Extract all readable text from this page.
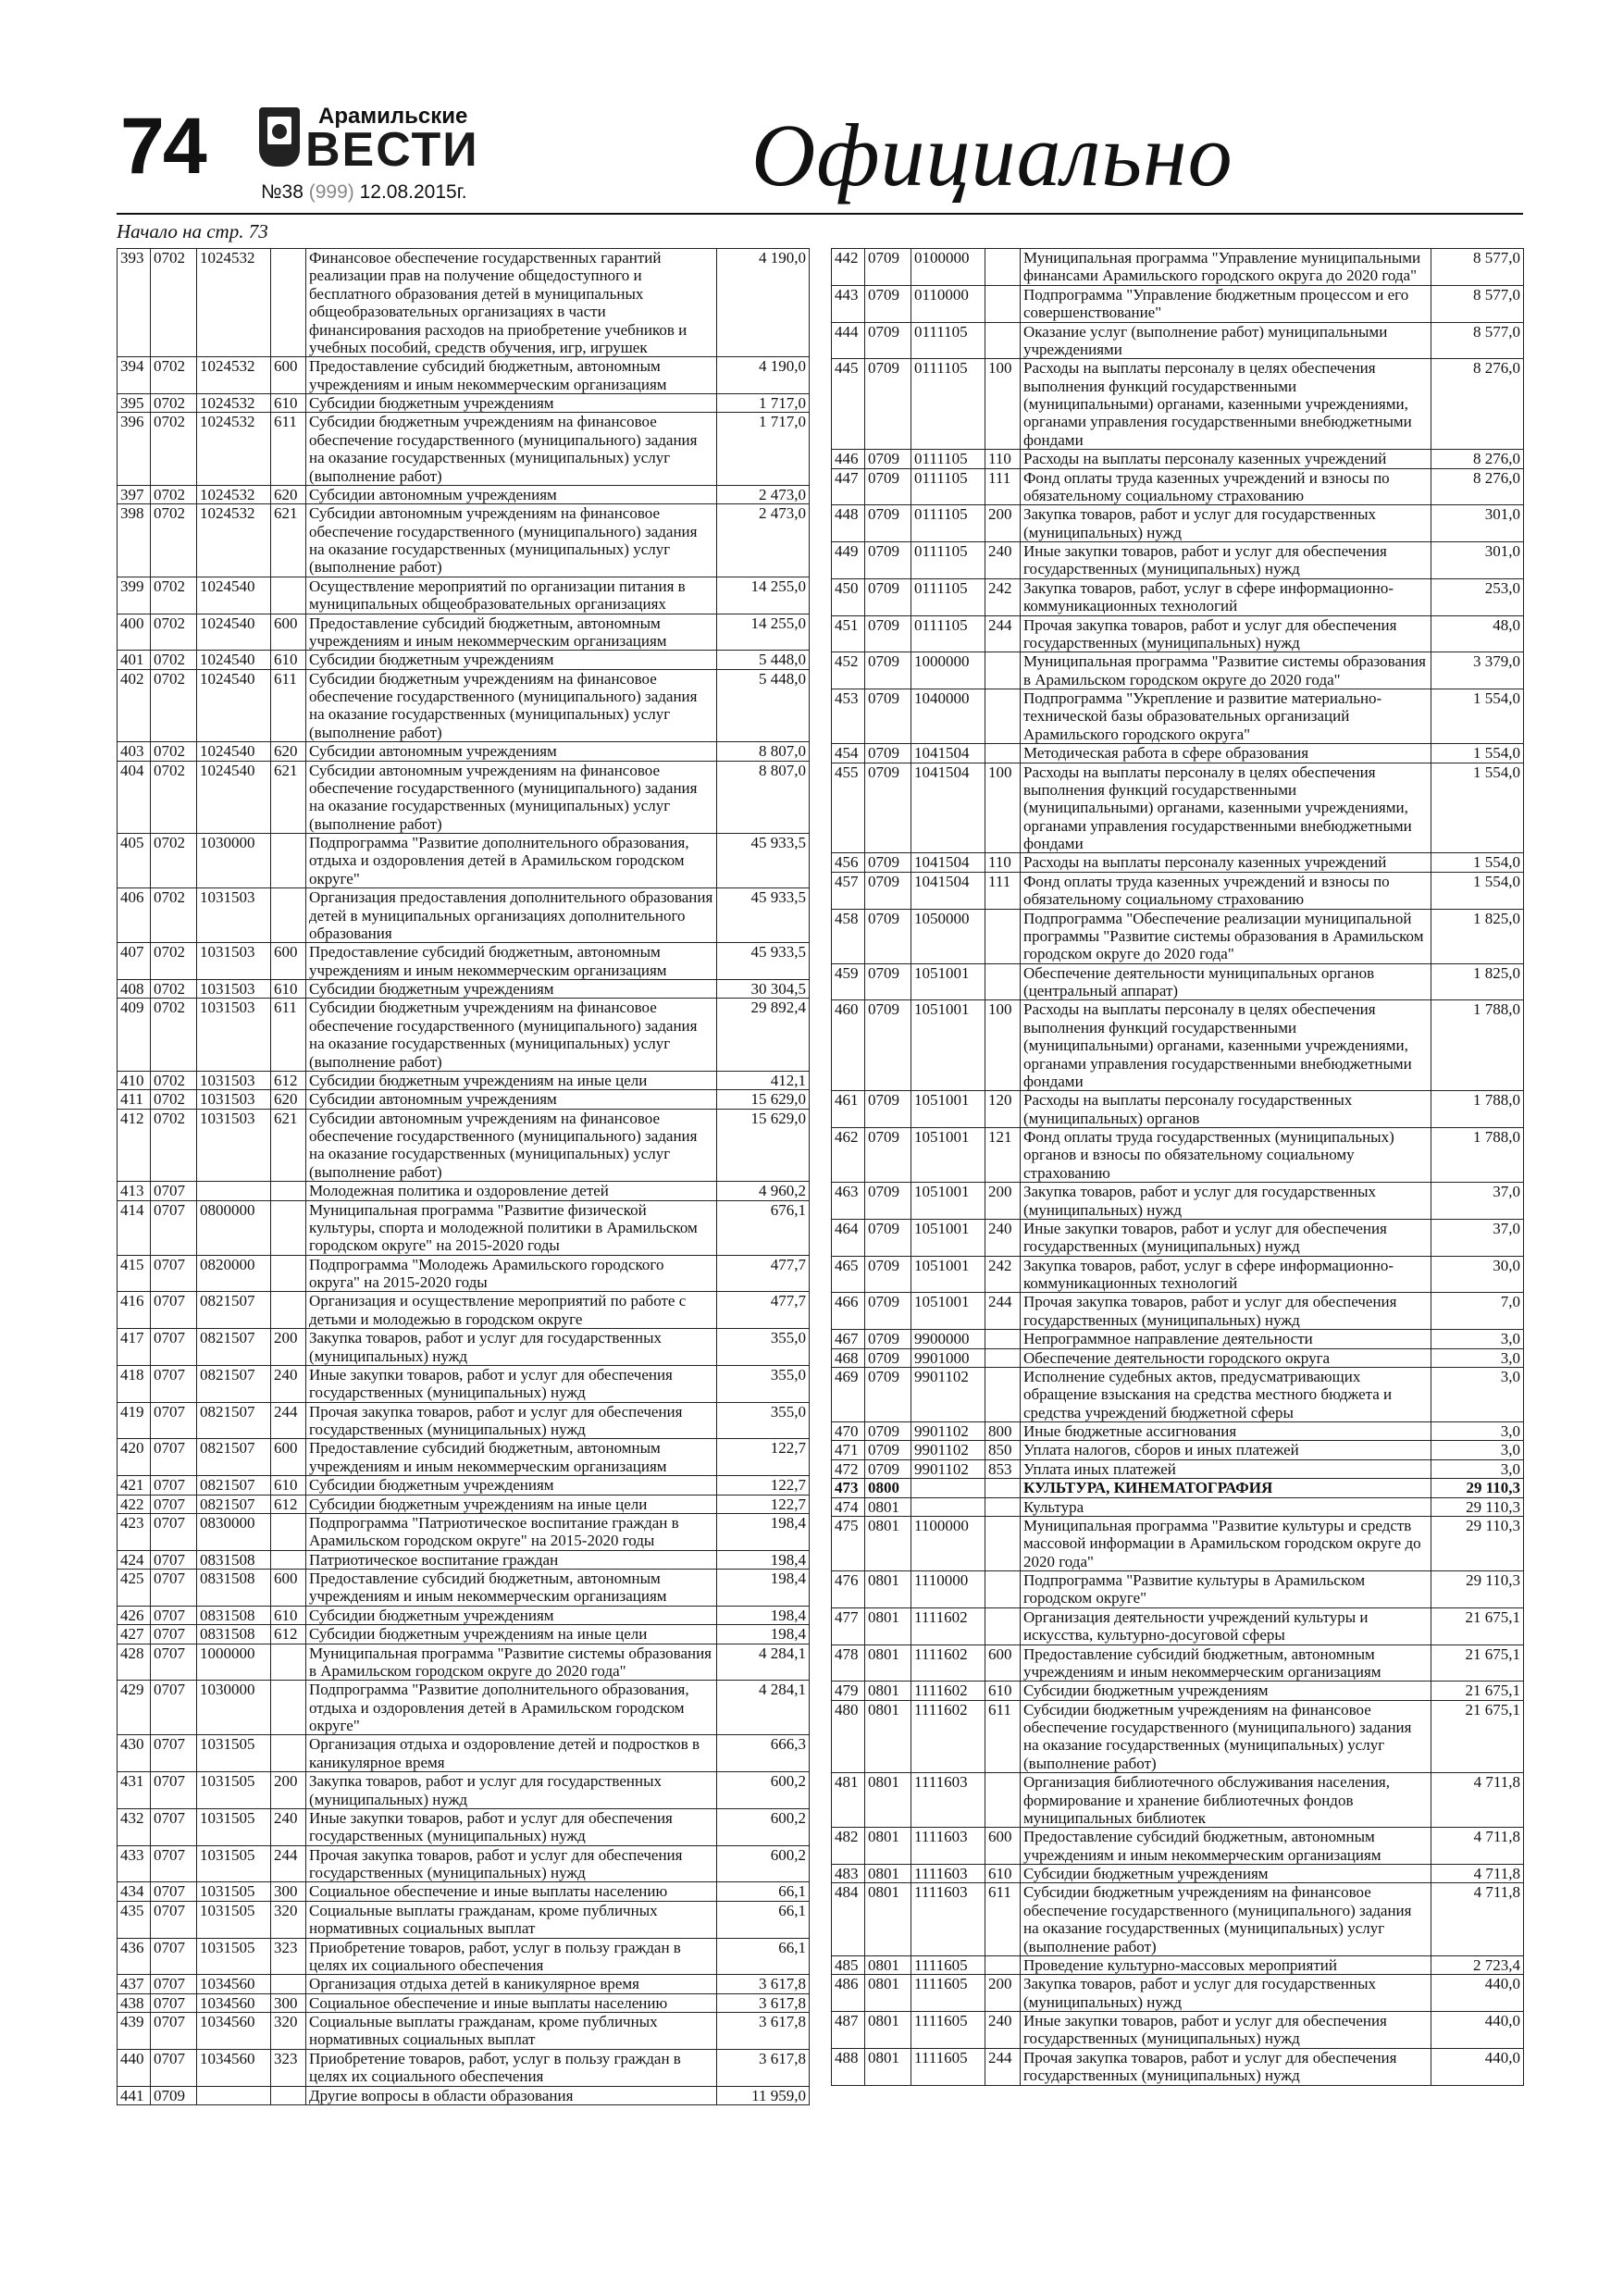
74	Арамильские
ВЕСТИ
№38 (999) 12.08.2015г.	Официально
Начало на стр. 73
393	0702	1024532		Финансовое обеспечение государственных гарантий реализации прав на получение общедоступного и бесплатного образования детей в муниципальных общеобразовательных организациях в части финансирования расходов на приобретение учебников и учебных пособий, средств обучения, игр, игрушек	4 190,0
394	0702	1024532	600	Предоставление субсидий бюджетным, автономным учреждениям и иным некоммерческим организациям	4 190,0
395	0702	1024532	610	Субсидии бюджетным учреждениям	1 717,0
396	0702	1024532	611	Субсидии бюджетным учреждениям на финансовое обеспечение государственного (муниципального) задания на оказание государственных (муниципальных) услуг (выполнение работ)	1 717,0
397	0702	1024532	620	Субсидии автономным учреждениям	2 473,0
398	0702	1024532	621	Субсидии автономным учреждениям на финансовое обеспечение государственного (муниципального) задания на оказание государственных (муниципальных) услуг (выполнение работ)	2 473,0
399	0702	1024540		Осуществление мероприятий по организации питания в муниципальных общеобразовательных организациях	14 255,0
400	0702	1024540	600	Предоставление субсидий бюджетным, автономным учреждениям и иным некоммерческим организациям	14 255,0
401	0702	1024540	610	Субсидии бюджетным учреждениям	5 448,0
402	0702	1024540	611	Субсидии бюджетным учреждениям на финансовое обеспечение государственного (муниципального) задания на оказание государственных (муниципальных) услуг (выполнение работ)	5 448,0
403	0702	1024540	620	Субсидии автономным учреждениям	8 807,0
404	0702	1024540	621	Субсидии автономным учреждениям на финансовое обеспечение государственного (муниципального) задания на оказание государственных (муниципальных) услуг (выполнение работ)	8 807,0
405	0702	1030000		Подпрограмма "Развитие дополнительного образования, отдыха и оздоровления детей в Арамильском городском округе"	45 933,5
406	0702	1031503		Организация предоставления дополнительного образования детей в муниципальных организациях дополнительного образования	45 933,5
407	0702	1031503	600	Предоставление субсидий бюджетным, автономным учреждениям и иным некоммерческим организациям	45 933,5
408	0702	1031503	610	Субсидии бюджетным учреждениям	30 304,5
409	0702	1031503	611	Субсидии бюджетным учреждениям на финансовое обеспечение государственного (муниципального) задания на оказание государственных (муниципальных) услуг (выполнение работ)	29 892,4
410	0702	1031503	612	Субсидии бюджетным учреждениям на иные цели	412,1
411	0702	1031503	620	Субсидии автономным учреждениям	15 629,0
412	0702	1031503	621	Субсидии автономным учреждениям на финансовое обеспечение государственного (муниципального) задания на оказание государственных (муниципальных) услуг (выполнение работ)	15 629,0
413	0707			Молодежная политика и оздоровление детей	4 960,2
414	0707	0800000		Муниципальная программа "Развитие физической культуры, спорта и молодежной политики в Арамильском городском округе" на 2015-2020 годы	676,1
415	0707	0820000		Подпрограмма "Молодежь Арамильского городского округа" на 2015-2020 годы	477,7
416	0707	0821507		Организация и осуществление мероприятий по работе с детьми и молодежью в городском округе	477,7
417	0707	0821507	200	Закупка товаров, работ и услуг для государственных (муниципальных) нужд	355,0
418	0707	0821507	240	Иные закупки товаров, работ и услуг для обеспечения государственных (муниципальных) нужд	355,0
419	0707	0821507	244	Прочая закупка товаров, работ и услуг для обеспечения государственных (муниципальных) нужд	355,0
420	0707	0821507	600	Предоставление субсидий бюджетным, автономным учреждениям и иным некоммерческим организациям	122,7
421	0707	0821507	610	Субсидии бюджетным учреждениям	122,7
422	0707	0821507	612	Субсидии бюджетным учреждениям на иные цели	122,7
423	0707	0830000		Подпрограмма "Патриотическое воспитание граждан в Арамильском городском округе" на 2015-2020 годы	198,4
424	0707	0831508		Патриотическое воспитание граждан	198,4
425	0707	0831508	600	Предоставление субсидий бюджетным, автономным учреждениям и иным некоммерческим организациям	198,4
426	0707	0831508	610	Субсидии бюджетным учреждениям	198,4
427	0707	0831508	612	Субсидии бюджетным учреждениям на иные цели	198,4
428	0707	1000000		Муниципальная программа "Развитие системы образования в Арамильском городском округе до 2020 года"	4 284,1
429	0707	1030000		Подпрограмма "Развитие дополнительного образования, отдыха и оздоровления детей в Арамильском городском округе"	4 284,1
430	0707	1031505		Организация отдыха и оздоровление детей и подростков в каникулярное время	666,3
431	0707	1031505	200	Закупка товаров, работ и услуг для государственных (муниципальных) нужд	600,2
432	0707	1031505	240	Иные закупки товаров, работ и услуг для обеспечения государственных (муниципальных) нужд	600,2
433	0707	1031505	244	Прочая закупка товаров, работ и услуг для обеспечения государственных (муниципальных) нужд	600,2
434	0707	1031505	300	Социальное обеспечение и иные выплаты населению	66,1
435	0707	1031505	320	Социальные выплаты гражданам, кроме публичных нормативных социальных выплат	66,1
436	0707	1031505	323	Приобретение товаров, работ, услуг в пользу граждан в целях их социального обеспечения	66,1
437	0707	1034560		Организация отдыха детей в каникулярное время	3 617,8
438	0707	1034560	300	Социальное обеспечение и иные выплаты населению	3 617,8
439	0707	1034560	320	Социальные выплаты гражданам, кроме публичных нормативных социальных выплат	3 617,8
440	0707	1034560	323	Приобретение товаров, работ, услуг в пользу граждан в целях их социального обеспечения	3 617,8
441	0709			Другие вопросы в области образования	11 959,0
442	0709	0100000		Муниципальная программа "Управление муниципальными финансами Арамильского городского округа до 2020 года"	8 577,0
443	0709	0110000		Подпрограмма "Управление бюджетным процессом и его совершенствование"	8 577,0
444	0709	0111105		Оказание услуг (выполнение работ) муниципальными учреждениями	8 577,0
445	0709	0111105	100	Расходы на выплаты персоналу в целях обеспечения выполнения функций государственными (муниципальными) органами, казенными учреждениями, органами управления государственными внебюджетными фондами	8 276,0
446	0709	0111105	110	Расходы на выплаты персоналу казенных учреждений	8 276,0
447	0709	0111105	111	Фонд оплаты труда казенных учреждений и взносы по обязательному социальному страхованию	8 276,0
448	0709	0111105	200	Закупка товаров, работ и услуг для государственных (муниципальных) нужд	301,0
449	0709	0111105	240	Иные закупки товаров, работ и услуг для обеспечения государственных (муниципальных) нужд	301,0
450	0709	0111105	242	Закупка товаров, работ, услуг в сфере информационно-коммуникационных технологий	253,0
451	0709	0111105	244	Прочая закупка товаров, работ и услуг для обеспечения государственных (муниципальных) нужд	48,0
452	0709	1000000		Муниципальная программа "Развитие системы образования в Арамильском городском округе до 2020 года"	3 379,0
453	0709	1040000		Подпрограмма "Укрепление и развитие материально- технической базы образовательных организаций Арамильского городского округа"	1 554,0
454	0709	1041504		Методическая работа в сфере образования	1 554,0
455	0709	1041504	100	Расходы на выплаты персоналу в целях обеспечения выполнения функций государственными (муниципальными) органами, казенными учреждениями, органами управления государственными внебюджетными фондами	1 554,0
456	0709	1041504	110	Расходы на выплаты персоналу казенных учреждений	1 554,0
457	0709	1041504	111	Фонд оплаты труда казенных учреждений и взносы по обязательному социальному страхованию	1 554,0
458	0709	1050000		Подпрограмма "Обеспечение реализации муниципальной программы "Развитие системы образования в Арамильском городском округе до 2020 года"	1 825,0
459	0709	1051001		Обеспечение деятельности муниципальных органов (центральный аппарат)	1 825,0
460	0709	1051001	100	Расходы на выплаты персоналу в целях обеспечения выполнения функций государственными (муниципальными) органами, казенными учреждениями, органами управления государственными внебюджетными фондами	1 788,0
461	0709	1051001	120	Расходы на выплаты персоналу государственных (муниципальных) органов	1 788,0
462	0709	1051001	121	Фонд оплаты труда государственных (муниципальных) органов и взносы по обязательному социальному страхованию	1 788,0
463	0709	1051001	200	Закупка товаров, работ и услуг для государственных (муниципальных) нужд	37,0
464	0709	1051001	240	Иные закупки товаров, работ и услуг для обеспечения государственных (муниципальных) нужд	37,0
465	0709	1051001	242	Закупка товаров, работ, услуг в сфере информационно-коммуникационных технологий	30,0
466	0709	1051001	244	Прочая закупка товаров, работ и услуг для обеспечения государственных (муниципальных) нужд	7,0
467	0709	9900000		Непрограммное направление деятельности	3,0
468	0709	9901000		Обеспечение деятельности городского округа	3,0
469	0709	9901102		Исполнение судебных актов, предусматривающих обращение взыскания на средства местного бюджета и средства учреждений бюджетной сферы	3,0
470	0709	9901102	800	Иные бюджетные ассигнования	3,0
471	0709	9901102	850	Уплата налогов, сборов и иных платежей	3,0
472	0709	9901102	853	Уплата иных платежей	3,0
473	0800			КУЛЬТУРА, КИНЕМАТОГРАФИЯ	29 110,3
474	0801			Культура	29 110,3
475	0801	1100000		Муниципальная программа "Развитие культуры и средств массовой информации в Арамильском городском округе до 2020 года"	29 110,3
476	0801	1110000		Подпрограмма "Развитие культуры в Арамильском городском округе"	29 110,3
477	0801	1111602		Организация деятельности учреждений культуры и искусства, культурно-досуговой сферы	21 675,1
478	0801	1111602	600	Предоставление субсидий бюджетным, автономным учреждениям и иным некоммерческим организациям	21 675,1
479	0801	1111602	610	Субсидии бюджетным учреждениям	21 675,1
480	0801	1111602	611	Субсидии бюджетным учреждениям на финансовое обеспечение государственного (муниципального) задания на оказание государственных (муниципальных) услуг (выполнение работ)	21 675,1
481	0801	1111603		Организация библиотечного обслуживания населения, формирование и хранение библиотечных фондов муниципальных библиотек	4 711,8
482	0801	1111603	600	Предоставление субсидий бюджетным, автономным учреждениям и иным некоммерческим организациям	4 711,8
483	0801	1111603	610	Субсидии бюджетным учреждениям	4 711,8
484	0801	1111603	611	Субсидии бюджетным учреждениям на финансовое обеспечение государственного (муниципального) задания на оказание государственных (муниципальных) услуг (выполнение работ)	4 711,8
485	0801	1111605		Проведение культурно-массовых мероприятий	2 723,4
486	0801	1111605	200	Закупка товаров, работ и услуг для государственных (муниципальных) нужд	440,0
487	0801	1111605	240	Иные закупки товаров, работ и услуг для обеспечения государственных (муниципальных) нужд	440,0
488	0801	1111605	244	Прочая закупка товаров, работ и услуг для обеспечения государственных (муниципальных) нужд	440,0
